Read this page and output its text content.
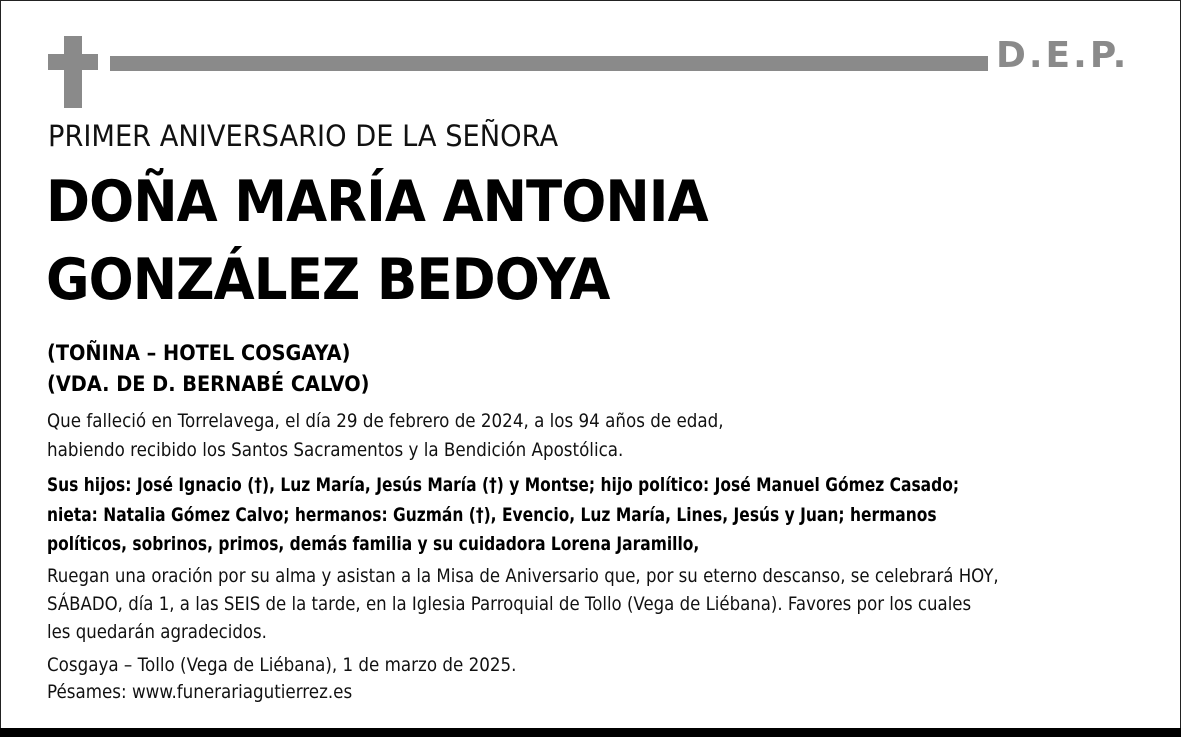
D.E.P.
PRIMER ANIVERSARIO DE LA SEÑORA
DOÑA MARÍA ANTONIA
GONZÁLEZ BEDOYA
(TOÑINA – HOTEL COSGAYA)
(VDA. DE D. BERNABÉ CALVO)
Que falleció en Torrelavega, el día 29 de febrero de 2024, a los 94 años de edad,
habiendo recibido los Santos Sacramentos y la Bendición Apostólica.
Sus hijos: José Ignacio (†), Luz María, Jesús María (†) y Montse; hijo político: José Manuel Gómez Casado;
nieta: Natalia Gómez Calvo; hermanos: Guzmán (†), Evencio, Luz María, Lines, Jesús y Juan; hermanos
políticos, sobrinos, primos, demás familia y su cuidadora Lorena Jaramillo,
Ruegan una oración por su alma y asistan a la Misa de Aniversario que, por su eterno descanso, se celebrará HOY,
SÁBADO, día 1, a las SEIS de la tarde, en la Iglesia Parroquial de Tollo (Vega de Liébana). Favores por los cuales
les quedarán agradecidos.
Cosgaya – Tollo (Vega de Liébana), 1 de marzo de 2025.
Pésames: www.funerariagutierrez.es
